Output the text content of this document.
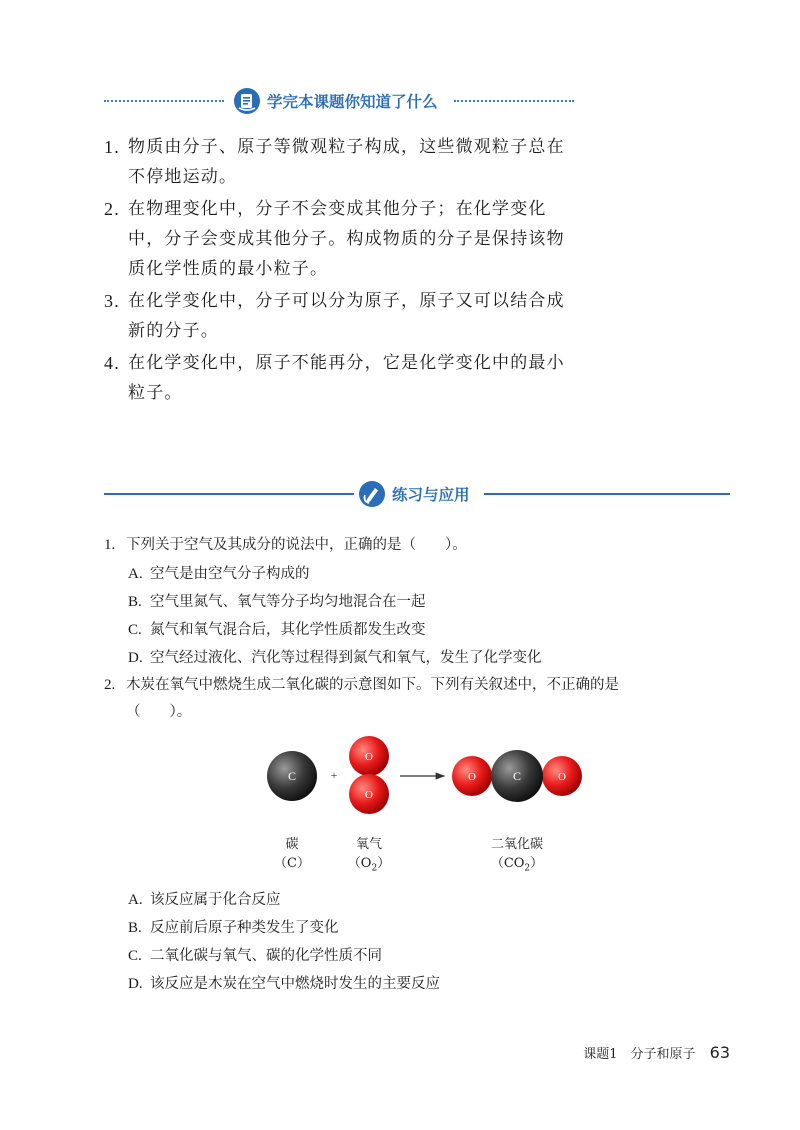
学完本课题你知道了什么
1. 物质由分子、原子等微观粒子构成，这些微观粒子总在
不停地运动。
2. 在物理变化中，分子不会变成其他分子；在化学变化
中，分子会变成其他分子。构成物质的分子是保持该物
质化学性质的最小粒子。
3. 在化学变化中，分子可以分为原子，原子又可以结合成
新的分子。
4. 在化学变化中，原子不能再分，它是化学变化中的最小
粒子。
练习与应用
1. 下列关于空气及其成分的说法中，正确的是（　　）。
A. 空气是由空气分子构成的
B. 空气里氮气、氧气等分子均匀地混合在一起
C. 氮气和氧气混合后，其化学性质都发生改变
D. 空气经过液化、汽化等过程得到氮气和氧气，发生了化学变化
2. 木炭在氧气中燃烧生成二氧化碳的示意图如下。下列有关叙述中，不正确的是
（　　）。
C	+
O
O
O	C	O
碳
（C）
氧气
$(O_2)$
二氧化碳
$(CO_2)$
A. 该反应属于化合反应
B. 反应前后原子种类发生了变化
C. 二氧化碳与氧气、碳的化学性质不同
D. 该反应是木炭在空气中燃烧时发生的主要反应
课题1　分子和原子 63
